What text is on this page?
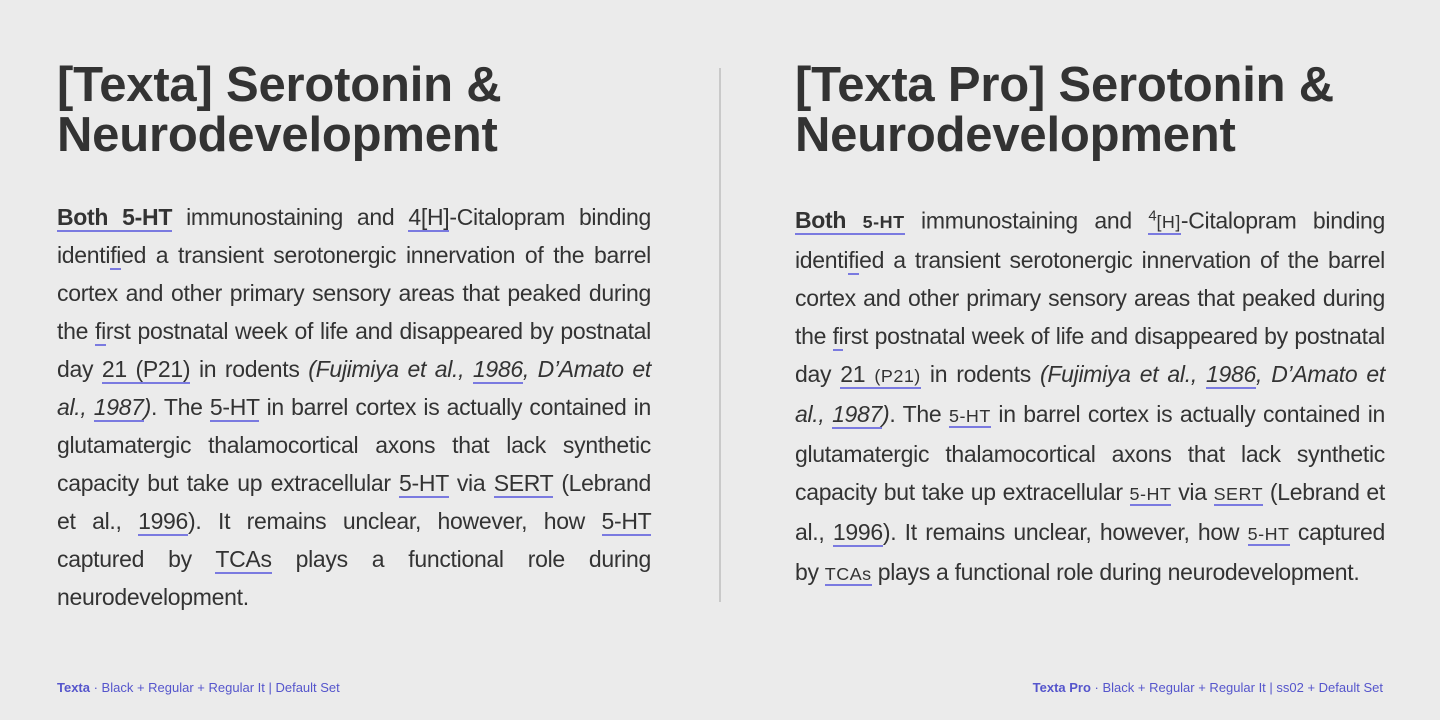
[Texta] Serotonin & Neurodevelopment

Both 5-HT immunostaining and 4[H]-Citalopram binding identified a transient serotonergic innervation of the barrel cortex and other primary sensory areas that peaked during the first postnatal week of life and disappeared by postnatal day 21 (P21) in rodents (Fujimiya et al., 1986, D’Amato et al., 1987). The 5-HT in barrel cortex is actually contained in glutamatergic thalamocortical axons that lack synthetic capacity but take up extracellular 5-HT via SERT (Lebrand et al., 1996). It remains unclear, however, how 5-HT captured by TCAs plays a functional role during neurodevelopment.

[Texta Pro] Serotonin & Neurodevelopment

Both 5-HT immunostaining and $^4$[H]-Citalopram binding identified a transient serotonergic innervation of the barrel cortex and other primary sensory areas that peaked during the first postnatal week of life and disappeared by postnatal day 21 (P21) in rodents (Fujimiya et al., 1986, D’Amato et al., 1987). The 5-HT in barrel cortex is actually contained in glutamatergic thalamocortical axons that lack synthetic capacity but take up extracellular 5-HT via SERT (Lebrand et al., 1996). It remains unclear, however, how 5-HT captured by TCAs plays a functional role during neurodevelopment.

Texta · Black + Regular + Regular It | Default Set	Texta Pro · Black + Regular + Regular It | ss02 + Default Set
